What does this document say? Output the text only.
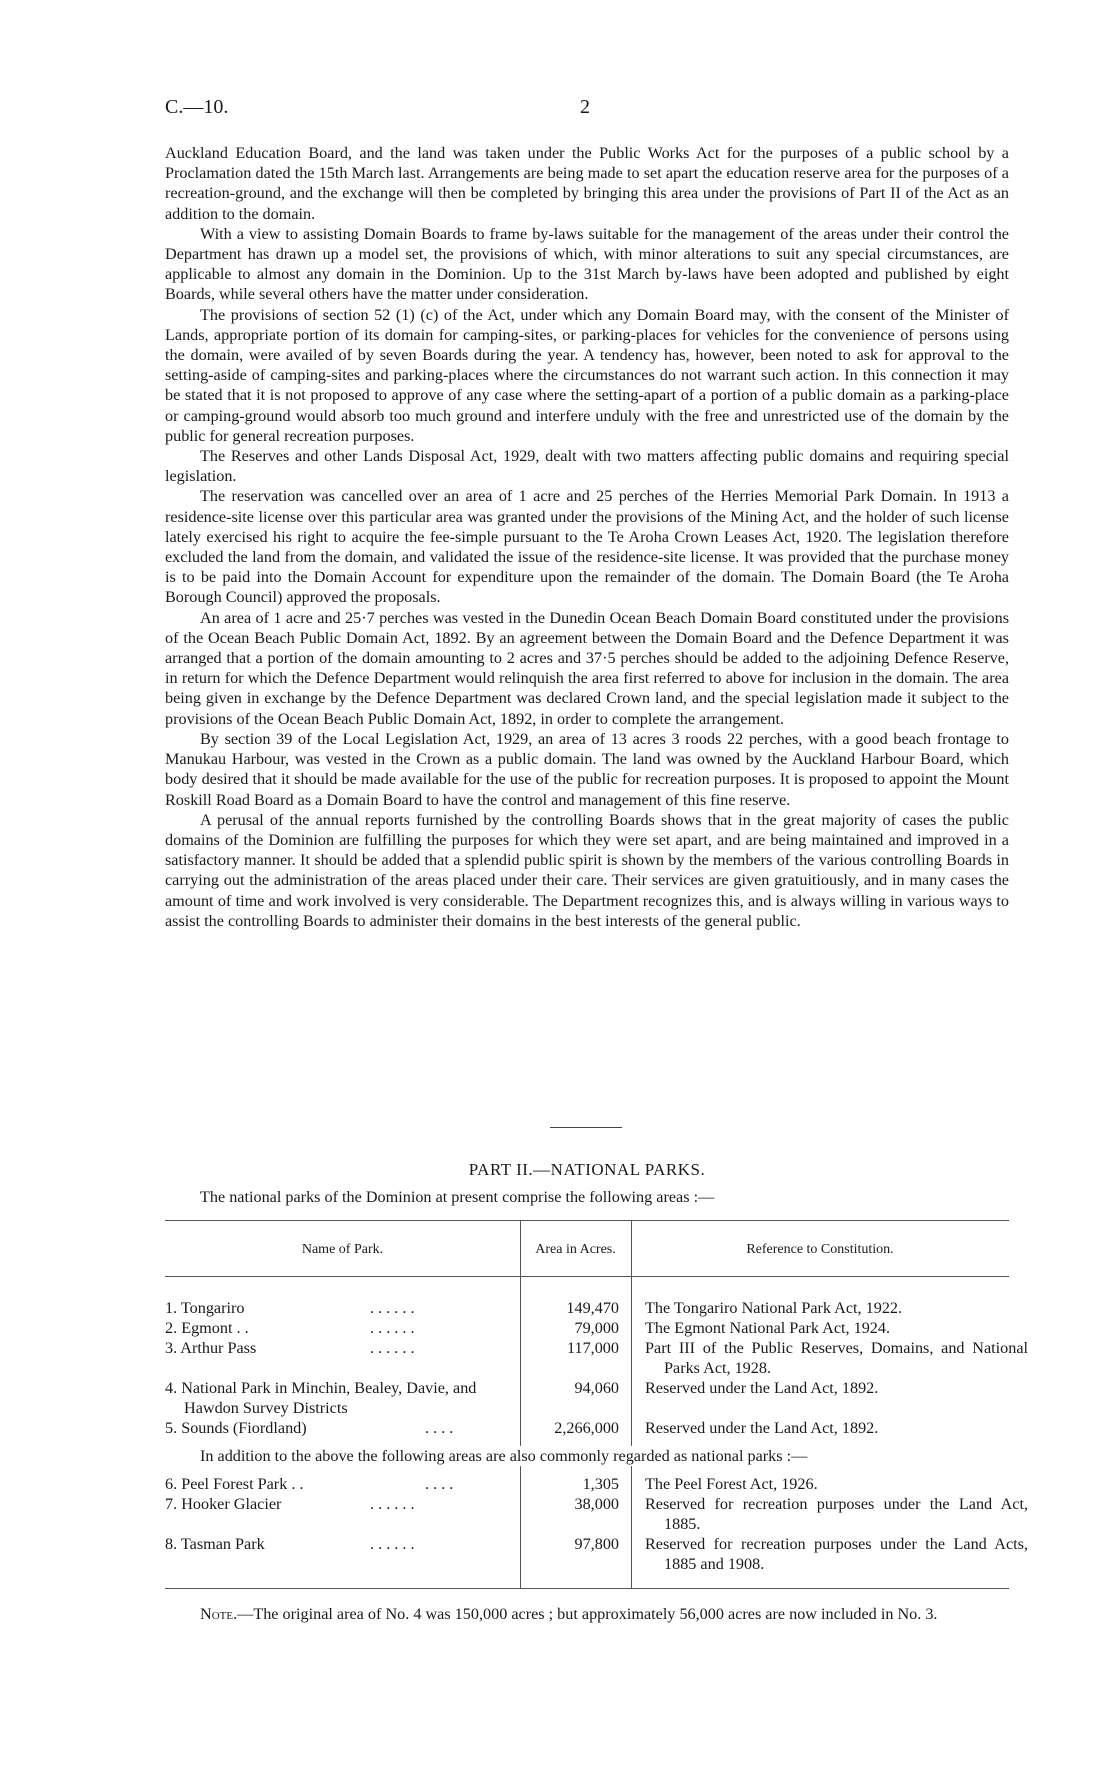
C.—10.	2

Auckland Education Board, and the land was taken under the Public Works Act for the purposes of a public school by a Proclamation dated the 15th March last. Arrangements are being made to set apart the education reserve area for the purposes of a recreation-ground, and the exchange will then be completed by bringing this area under the provisions of Part II of the Act as an addition to the domain.

With a view to assisting Domain Boards to frame by-laws suitable for the management of the areas under their control the Department has drawn up a model set, the provisions of which, with minor alterations to suit any special circumstances, are applicable to almost any domain in the Dominion. Up to the 31st March by-laws have been adopted and published by eight Boards, while several others have the matter under consideration.

The provisions of section 52 (1) (c) of the Act, under which any Domain Board may, with the consent of the Minister of Lands, appropriate portion of its domain for camping-sites, or parking-places for vehicles for the convenience of persons using the domain, were availed of by seven Boards during the year. A tendency has, however, been noted to ask for approval to the setting-aside of camping-sites and parking-places where the circumstances do not warrant such action. In this connection it may be stated that it is not proposed to approve of any case where the setting-apart of a portion of a public domain as a parking-place or camping-ground would absorb too much ground and interfere unduly with the free and unrestricted use of the domain by the public for general recreation purposes.

The Reserves and other Lands Disposal Act, 1929, dealt with two matters affecting public domains and requiring special legislation.

The reservation was cancelled over an area of 1 acre and 25 perches of the Herries Memorial Park Domain. In 1913 a residence-site license over this particular area was granted under the provisions of the Mining Act, and the holder of such license lately exercised his right to acquire the fee-simple pursuant to the Te Aroha Crown Leases Act, 1920. The legislation therefore excluded the land from the domain, and validated the issue of the residence-site license. It was provided that the purchase money is to be paid into the Domain Account for expenditure upon the remainder of the domain. The Domain Board (the Te Aroha Borough Council) approved the proposals.

An area of 1 acre and 25·7 perches was vested in the Dunedin Ocean Beach Domain Board constituted under the provisions of the Ocean Beach Public Domain Act, 1892. By an agreement between the Domain Board and the Defence Department it was arranged that a portion of the domain amounting to 2 acres and 37·5 perches should be added to the adjoining Defence Reserve, in return for which the Defence Department would relinquish the area first referred to above for inclusion in the domain. The area being given in exchange by the Defence Department was declared Crown land, and the special legislation made it subject to the provisions of the Ocean Beach Public Domain Act, 1892, in order to complete the arrangement.

By section 39 of the Local Legislation Act, 1929, an area of 13 acres 3 roods 22 perches, with a good beach frontage to Manukau Harbour, was vested in the Crown as a public domain. The land was owned by the Auckland Harbour Board, which body desired that it should be made available for the use of the public for recreation purposes. It is proposed to appoint the Mount Roskill Road Board as a Domain Board to have the control and management of this fine reserve.

A perusal of the annual reports furnished by the controlling Boards shows that in the great majority of cases the public domains of the Dominion are fulfilling the purposes for which they were set apart, and are being maintained and improved in a satisfactory manner. It should be added that a splendid public spirit is shown by the members of the various controlling Boards in carrying out the administration of the areas placed under their care. Their services are given gratuitiously, and in many cases the amount of time and work involved is very considerable. The Department recognizes this, and is always willing in various ways to assist the controlling Boards to administer their domains in the best interests of the general public.

PART II.—NATIONAL PARKS.
The national parks of the Dominion at present comprise the following areas :—
Name of Park.	Area in Acres.	Reference to Constitution.
1. Tongariro	. . . . . .	149,470 The Tongariro National Park Act, 1922.
2. Egmont . .	. . . . . .	79,000 The Egmont National Park Act, 1924.
3. Arthur Pass	. . . . . .	117,000 Part III of the Public Reserves, Domains, and National Parks Act, 1928.
4. National Park in Minchin, Bealey, Davie, and Hawdon Survey Districts
94,060 Reserved under the Land Act, 1892.
5. Sounds (Fiordland)	. . . .	2,266,000 Reserved under the Land Act, 1892.
In addition to the above the following areas are also commonly regarded as national parks :—
6. Peel Forest Park . .	. . . .	1,305 The Peel Forest Act, 1926.
7. Hooker Glacier	. . . . . .	38,000 Reserved for recreation purposes under the Land Act, 1885.
8. Tasman Park	. . . . . .	97,800 Reserved for recreation purposes under the Land Acts, 1885 and 1908.
Note.—The original area of No. 4 was 150,000 acres ; but approximately 56,000 acres are now included in No. 3.
